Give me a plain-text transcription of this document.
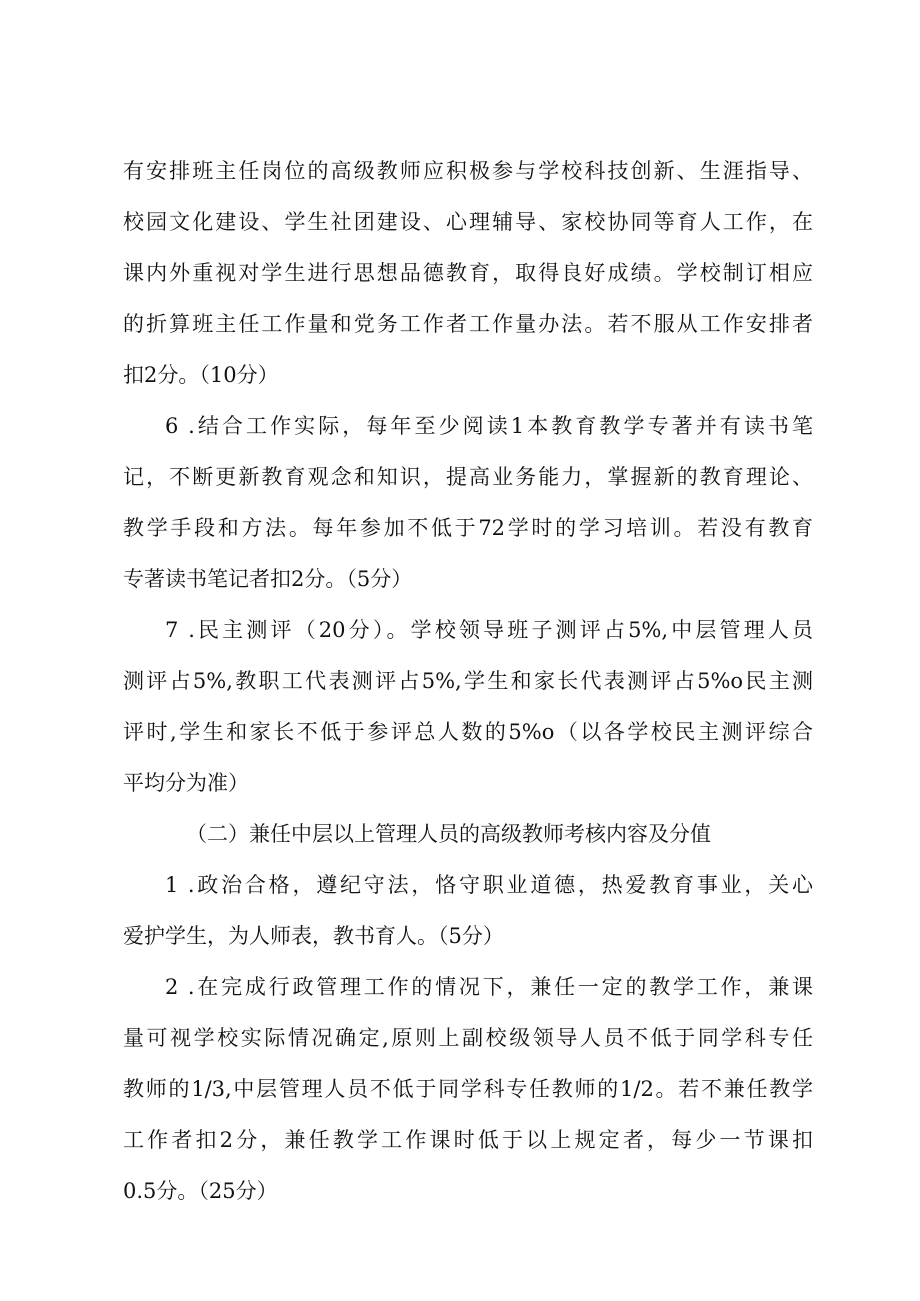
有安排班主任岗位的高级教师应积极参与学校科技创新、生涯指导、
校园文化建设、学生社团建设、心理辅导、家校协同等育人工作，在
课内外重视对学生进行思想品德教育，取得良好成绩。学校制订相应
的折算班主任工作量和党务工作者工作量办法。若不服从工作安排者
扣2分。（10分）
6 .结合工作实际，每年至少阅读1本教育教学专著并有读书笔
记，不断更新教育观念和知识，提高业务能力，掌握新的教育理论、
教学手段和方法。每年参加不低于72学时的学习培训。若没有教育
专著读书笔记者扣2分。（5分）
7 .民主测评（20分）。学校领导班子测评占5%,中层管理人员
测评占5%,教职工代表测评占5%,学生和家长代表测评占5%o民主测
评时,学生和家长不低于参评总人数的5%o（以各学校民主测评综合
平均分为准）
（二）兼任中层以上管理人员的高级教师考核内容及分值
1 .政治合格，遵纪守法，恪守职业道德，热爱教育事业，关心
爱护学生，为人师表，教书育人。（5分）
2 .在完成行政管理工作的情况下，兼任一定的教学工作，兼课
量可视学校实际情况确定,原则上副校级领导人员不低于同学科专任
教师的1/3,中层管理人员不低于同学科专任教师的1/2。若不兼任教学
工作者扣2分，兼任教学工作课时低于以上规定者，每少一节课扣
0.5分。（25分）
